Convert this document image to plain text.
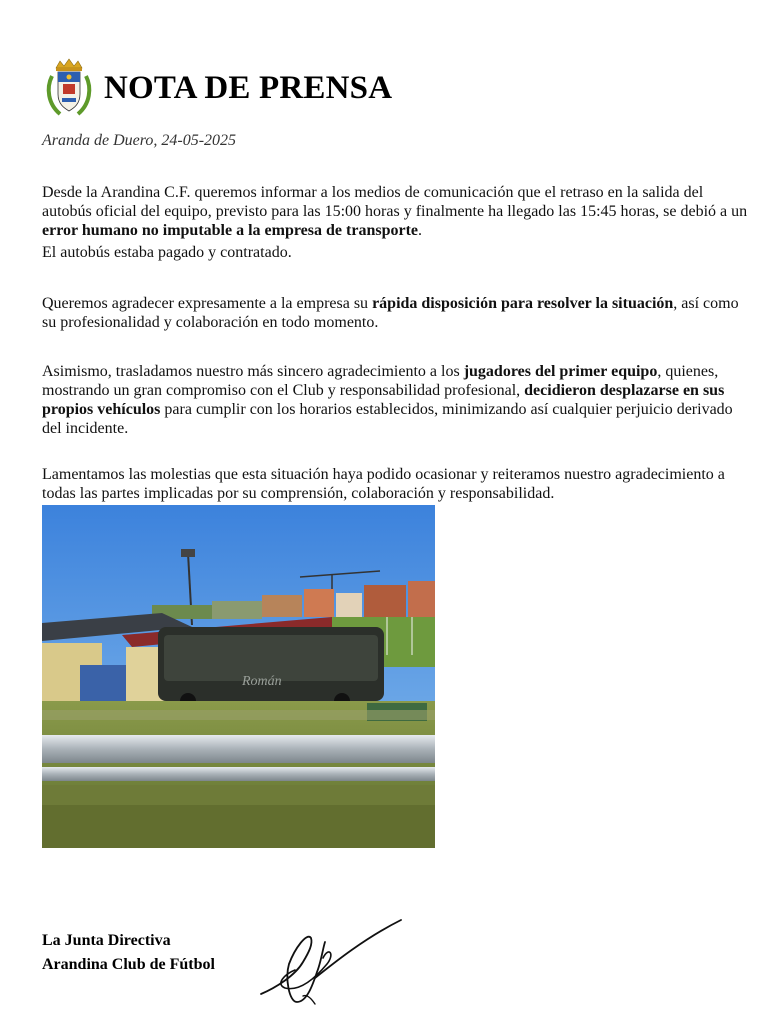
NOTA DE PRENSA
Aranda de Duero, 24-05-2025
Desde la Arandina C.F. queremos informar a los medios de comunicación que el retraso en la salida del autobús oficial del equipo, previsto para las 15:00 horas y finalmente ha llegado las 15:45 horas, se debió a un error humano no imputable a la empresa de transporte.
El autobús estaba pagado y contratado.
Queremos agradecer expresamente a la empresa su rápida disposición para resolver la situación, así como su profesionalidad y colaboración en todo momento.
Asimismo, trasladamos nuestro más sincero agradecimiento a los jugadores del primer equipo, quienes, mostrando un gran compromiso con el Club y responsabilidad profesional, decidieron desplazarse en sus propios vehículos para cumplir con los horarios establecidos, minimizando así cualquier perjuicio derivado del incidente.
Lamentamos las molestias que esta situación haya podido ocasionar y reiteramos nuestro agradecimiento a todas las partes implicadas por su comprensión, colaboración y responsabilidad.
Román
La Junta Directiva
Arandina Club de Fútbol
